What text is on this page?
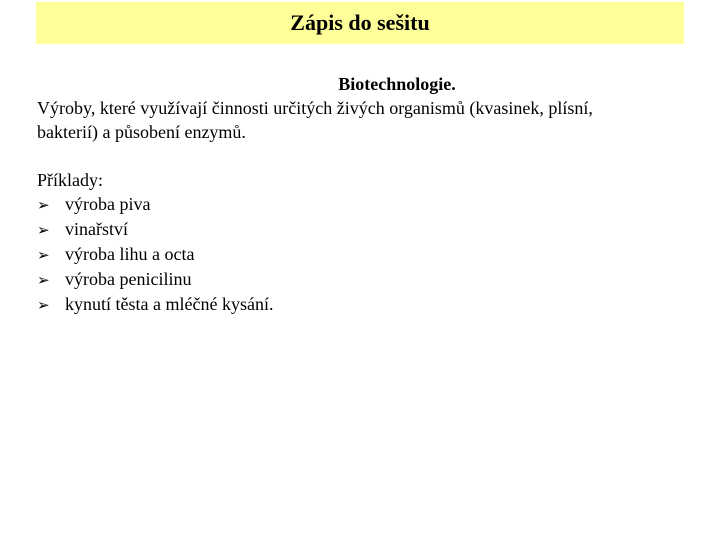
Zápis do sešitu
Biotechnologie.

Výroby, které využívají činnosti určitých živých organismů (kvasinek, plísní,

bakterií) a působení enzymů.

Příklady:
➢ výroba piva
➢ vinařství
➢ výroba lihu a octa
➢ výroba penicilinu
➢ kynutí těsta a mléčné kysání.
